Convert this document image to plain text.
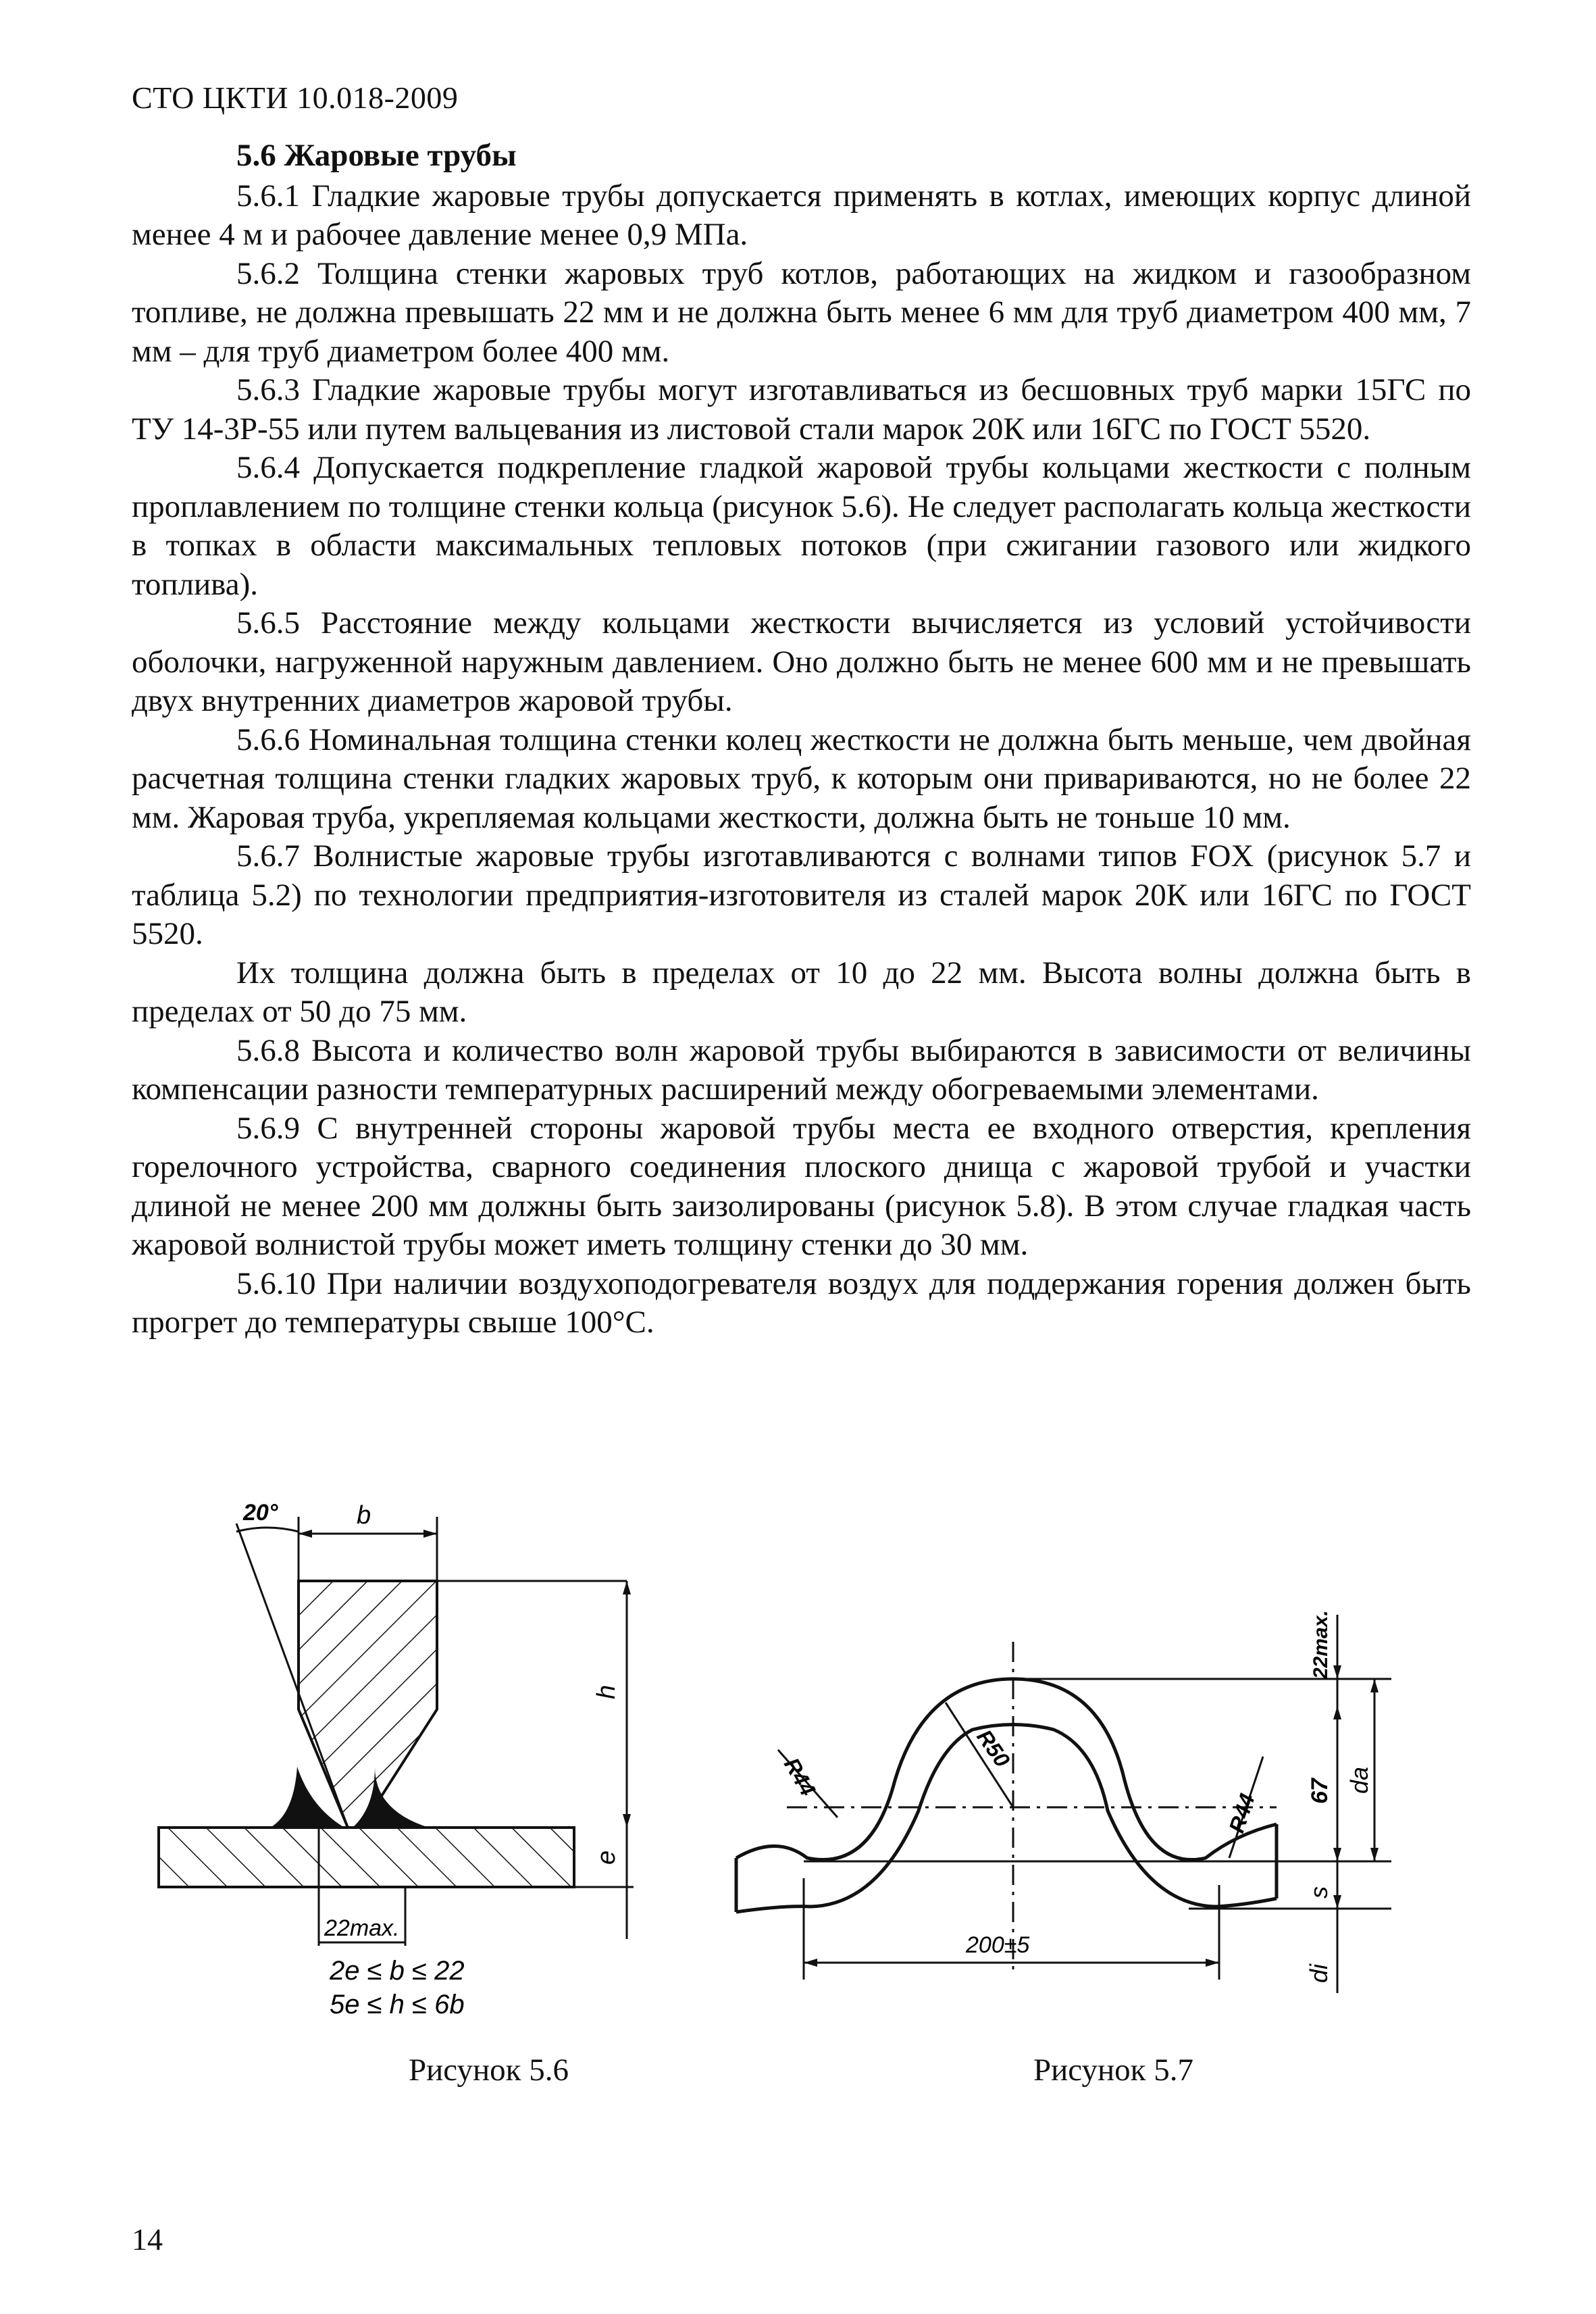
СТО ЦКТИ 10.018-2009
5.6 Жаровые трубы

5.6.1 Гладкие жаровые трубы допускается применять в котлах, имеющих корпус длиной менее 4 м и рабочее давление менее 0,9 МПа.

5.6.2 Толщина стенки жаровых труб котлов, работающих на жидком и газообразном топливе, не должна превышать 22 мм и не должна быть менее 6 мм для труб диаметром 400 мм, 7 мм – для труб диаметром более 400 мм.

5.6.3 Гладкие жаровые трубы могут изготавливаться из бесшовных труб марки 15ГС по ТУ 14-3Р-55 или путем вальцевания из листовой стали марок 20К или 16ГС по ГОСТ 5520.

5.6.4 Допускается подкрепление гладкой жаровой трубы кольцами жесткости с полным проплавлением по толщине стенки кольца (рисунок 5.6). Не следует располагать кольца жесткости в топках в области максимальных тепловых потоков (при сжигании газового или жидкого топлива).

5.6.5 Расстояние между кольцами жесткости вычисляется из условий устойчивости оболочки, нагруженной наружным давлением. Оно должно быть не менее 600 мм и не превышать двух внутренних диаметров жаровой трубы.

5.6.6 Номинальная толщина стенки колец жесткости не должна быть меньше, чем двойная расчетная толщина стенки гладких жаровых труб, к которым они привариваются, но не более 22 мм. Жаровая труба, укрепляемая кольцами жесткости, должна быть не тоньше 10 мм.

5.6.7 Волнистые жаровые трубы изготавливаются с волнами типов FOX (рисунок 5.7 и таблица 5.2) по технологии предприятия-изготовителя из сталей марок 20К или 16ГС по ГОСТ 5520.

Их толщина должна быть в пределах от 10 до 22 мм. Высота волны должна быть в пределах от 50 до 75 мм.

5.6.8 Высота и количество волн жаровой трубы выбираются в зависимости от величины компенсации разности температурных расширений между обогреваемыми элементами.

5.6.9 С внутренней стороны жаровой трубы места ее входного отверстия, крепления горелочного устройства, сварного соединения плоского днища с жаровой трубой и участки длиной не менее 200 мм должны быть заизолированы (рисунок 5.8). В этом случае гладкая часть жаровой волнистой трубы может иметь толщину стенки до 30 мм.

5.6.10 При наличии воздухоподогревателя воздух для поддержания горения должен быть прогрет до температуры свыше 100°С.

20°	b
h
e
22max.
2e ≤ b ≤ 22
5e ≤ h ≤ 6b
Рисунок 5.6
R44
R50
R44
22max.
67 da
s
di
200±5
Рисунок 5.7
14
